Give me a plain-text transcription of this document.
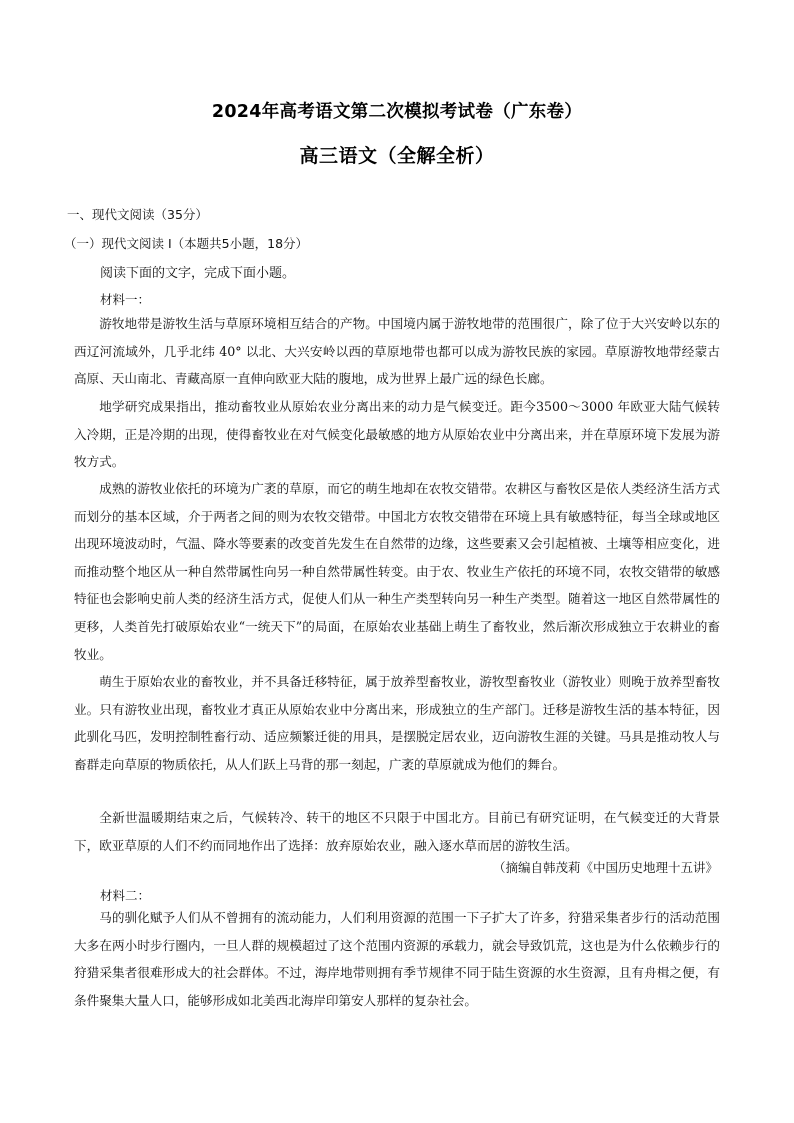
2024年高考语文第二次模拟考试卷（广东卷）
高三语文（全解全析）
一、现代文阅读（35分）
（一）现代文阅读 I（本题共5小题，18分）
阅读下面的文字，完成下面小题。
材料一：

游牧地带是游牧生活与草原环境相互结合的产物。中国境内属于游牧地带的范围很广，除了位于大兴安岭以东的西辽河流域外，几乎北纬 40° 以北、大兴安岭以西的草原地带也都可以成为游牧民族的家园。草原游牧地带经蒙古高原、天山南北、青藏高原一直伸向欧亚大陆的腹地，成为世界上最广远的绿色长廊。

地学研究成果指出，推动畜牧业从原始农业分离出来的动力是气候变迁。距今3500～3000 年欧亚大陆气候转入冷期，正是冷期的出现，使得畜牧业在对气候变化最敏感的地方从原始农业中分离出来，并在草原环境下发展为游牧方式。

成熟的游牧业依托的环境为广袤的草原，而它的萌生地却在农牧交错带。农耕区与畜牧区是依人类经济生活方式而划分的基本区域，介于两者之间的则为农牧交错带。中国北方农牧交错带在环境上具有敏感特征，每当全球或地区出现环境波动时，气温、降水等要素的改变首先发生在自然带的边缘，这些要素又会引起植被、土壤等相应变化，进而推动整个地区从一种自然带属性向另一种自然带属性转变。由于农、牧业生产依托的环境不同，农牧交错带的敏感特征也会影响史前人类的经济生活方式，促使人们从一种生产类型转向另一种生产类型。随着这一地区自然带属性的更移，人类首先打破原始农业“一统天下”的局面，在原始农业基础上萌生了畜牧业，然后渐次形成独立于农耕业的畜牧业。

萌生于原始农业的畜牧业，并不具备迁移特征，属于放养型畜牧业，游牧型畜牧业（游牧业）则晚于放养型畜牧业。只有游牧业出现，畜牧业才真正从原始农业中分离出来，形成独立的生产部门。迁移是游牧生活的基本特征，因此驯化马匹，发明控制牲畜行动、适应频繁迁徙的用具，是摆脱定居农业，迈向游牧生涯的关键。马具是推动牧人与畜群走向草原的物质依托，从人们跃上马背的那一刻起，广袤的草原就成为他们的舞台。

全新世温暖期结束之后，气候转冷、转干的地区不只限于中国北方。目前已有研究证明，在气候变迁的大背景下，欧亚草原的人们不约而同地作出了选择：放弃原始农业，融入逐水草而居的游牧生活。

（摘编自韩茂莉《中国历史地理十五讲》
材料二：

马的驯化赋予人们从不曾拥有的流动能力，人们利用资源的范围一下子扩大了许多，狩猎采集者步行的活动范围大多在两小时步行圈内，一旦人群的规模超过了这个范围内资源的承载力，就会导致饥荒，这也是为什么依赖步行的狩猎采集者很难形成大的社会群体。不过，海岸地带则拥有季节规律不同于陆生资源的水生资源，且有舟楫之便，有条件聚集大量人口，能够形成如北美西北海岸印第安人那样的复杂社会。
